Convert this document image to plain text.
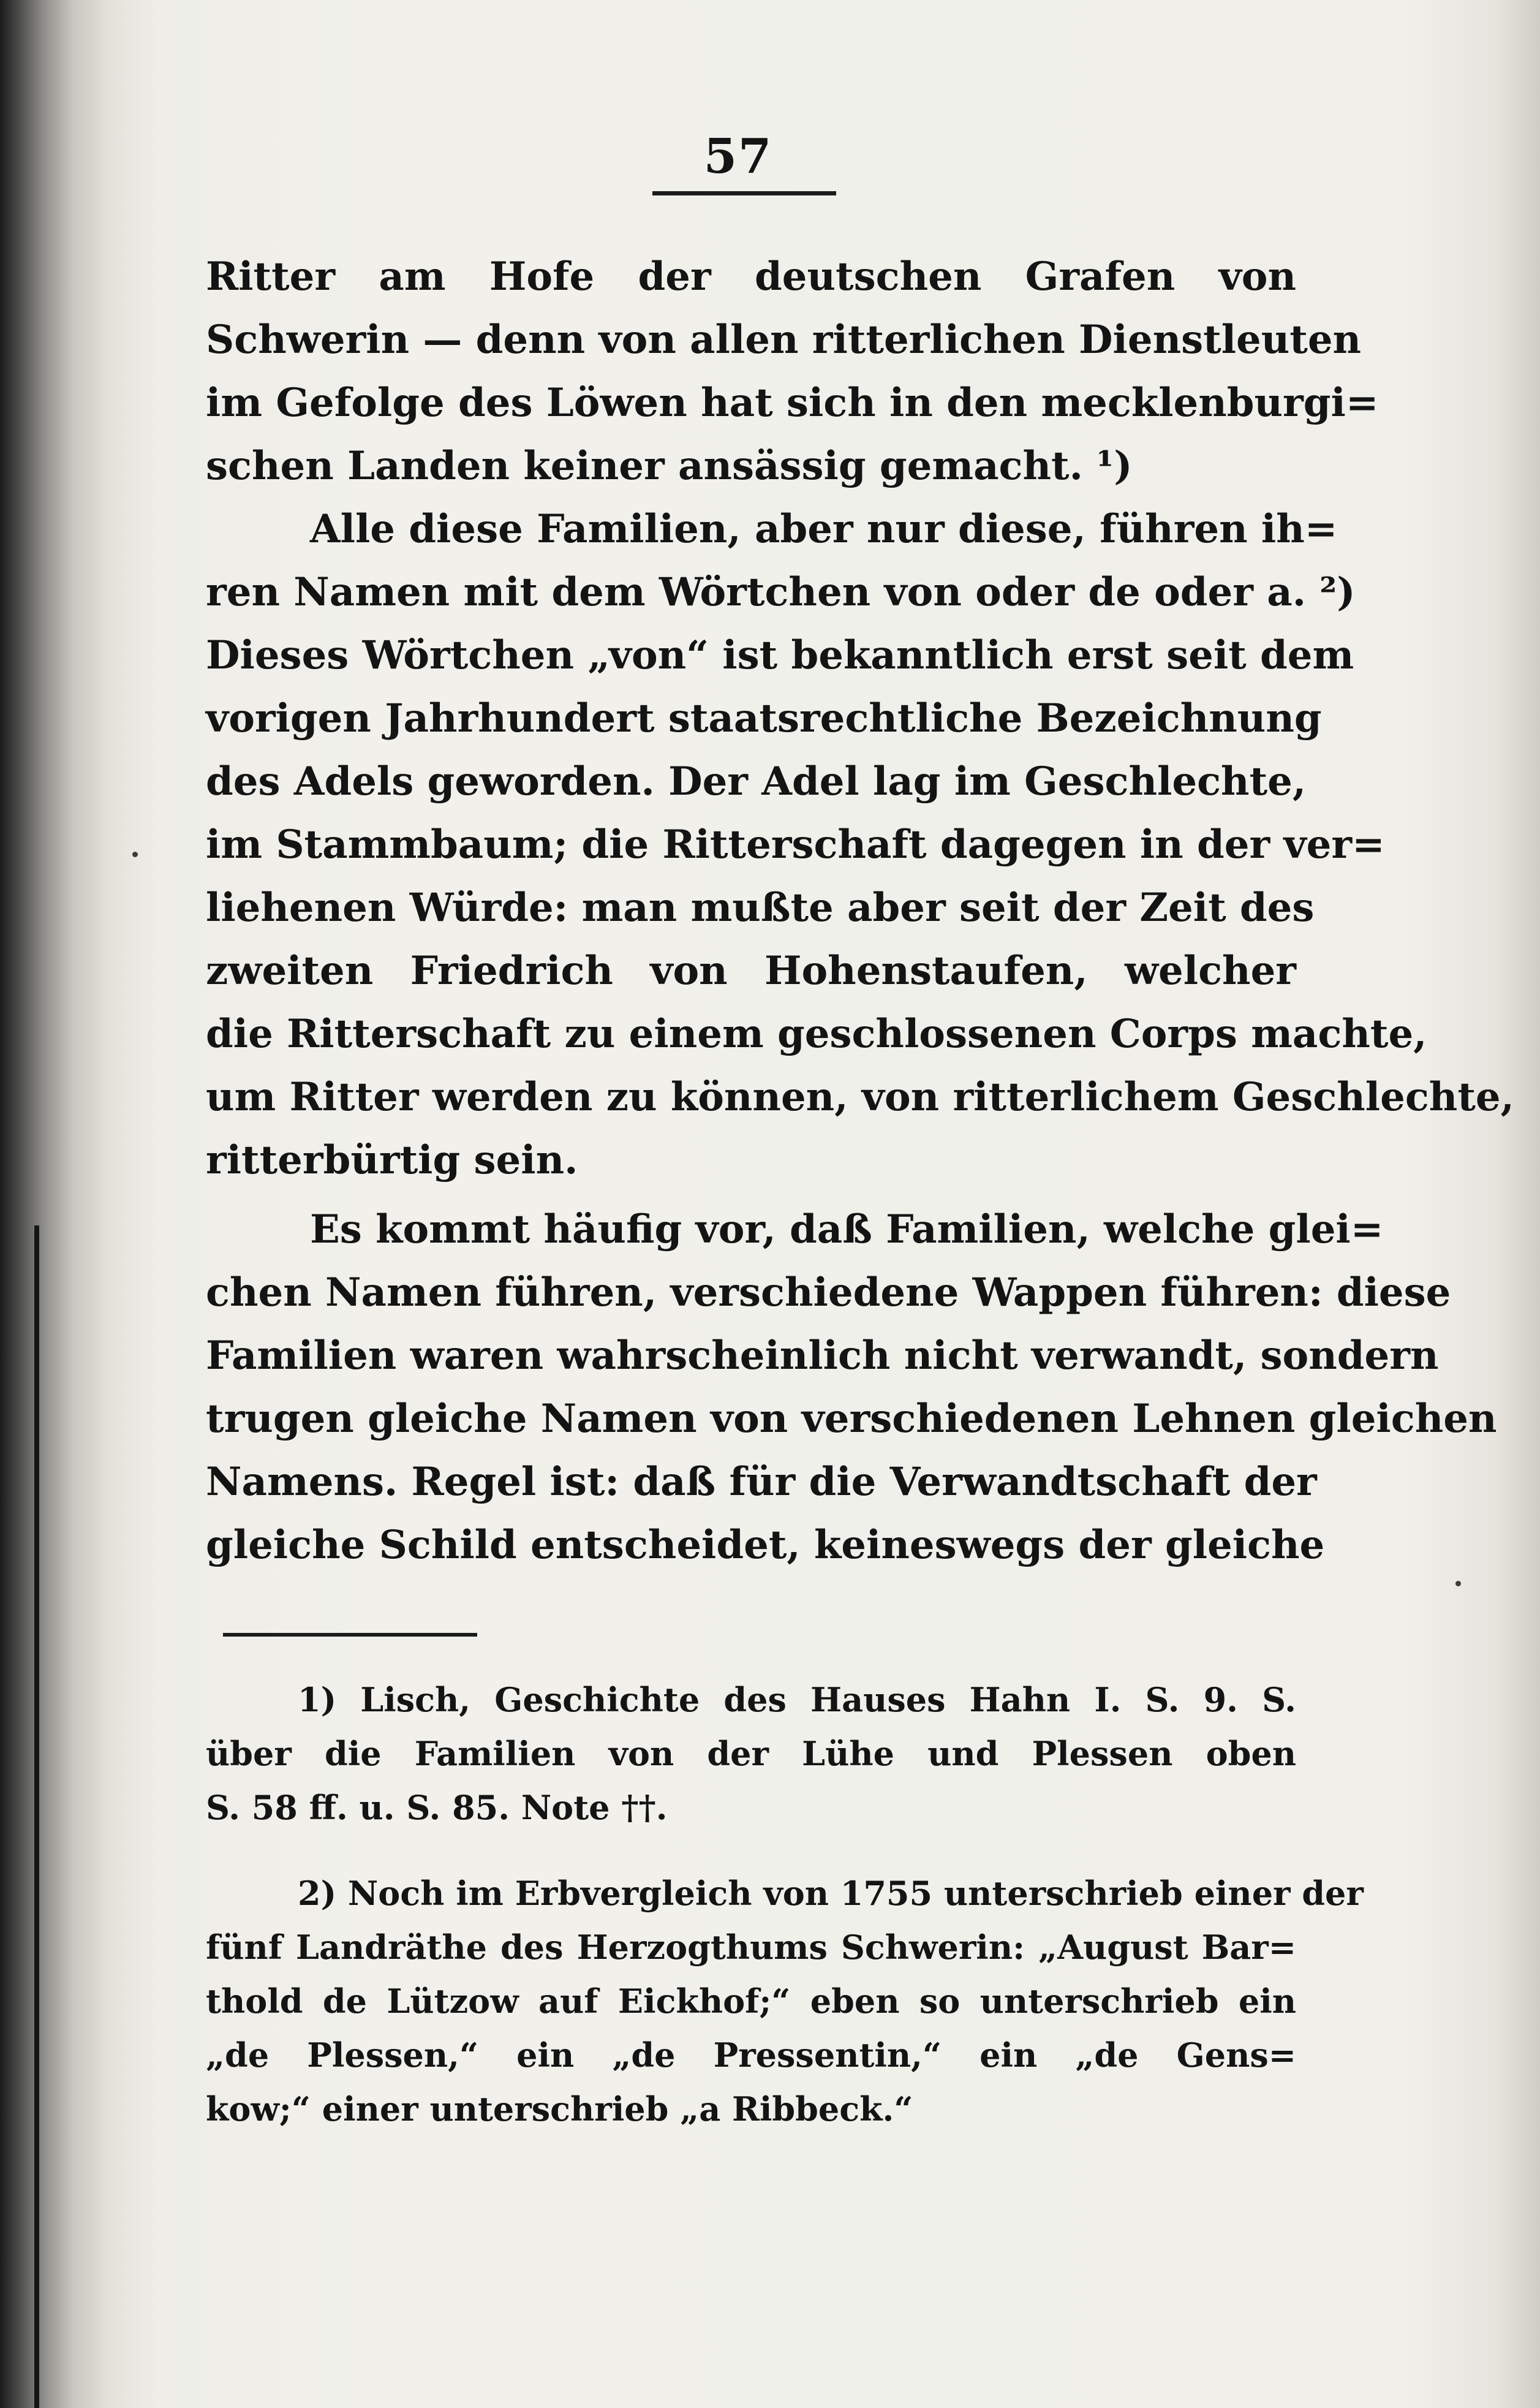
57
Ritter am Hofe der deutschen Grafen von
Schwerin — denn von allen ritterlichen Dienstleuten
im Gefolge des Löwen hat sich in den mecklenburgi=
schen Landen keiner ansässig gemacht. ¹)
Alle diese Familien, aber nur diese, führen ih=
ren Namen mit dem Wörtchen von oder de oder a. ²)
Dieses Wörtchen „von“ ist bekanntlich erst seit dem
vorigen Jahrhundert staatsrechtliche Bezeichnung
des Adels geworden. Der Adel lag im Geschlechte,
im Stammbaum; die Ritterschaft dagegen in der ver=
liehenen Würde: man mußte aber seit der Zeit des
zweiten Friedrich von Hohenstaufen, welcher
die Ritterschaft zu einem geschlossenen Corps machte,
um Ritter werden zu können, von ritterlichem Geschlechte,
ritterbürtig sein.
Es kommt häufig vor, daß Familien, welche glei=
chen Namen führen, verschiedene Wappen führen: diese
Familien waren wahrscheinlich nicht verwandt, sondern
trugen gleiche Namen von verschiedenen Lehnen gleichen
Namens. Regel ist: daß für die Verwandtschaft der
gleiche Schild entscheidet, keineswegs der gleiche
1) Lisch, Geschichte des Hauses Hahn I. S. 9. S.
über die Familien von der Lühe und Plessen oben
S. 58 ff. u. S. 85. Note ††.
2) Noch im Erbvergleich von 1755 unterschrieb einer der
fünf Landräthe des Herzogthums Schwerin: „August Bar=
thold de Lützow auf Eickhof;“ eben so unterschrieb ein
„de Plessen,“ ein „de Pressentin,“ ein „de Gens=
kow;“ einer unterschrieb „a Ribbeck.“
